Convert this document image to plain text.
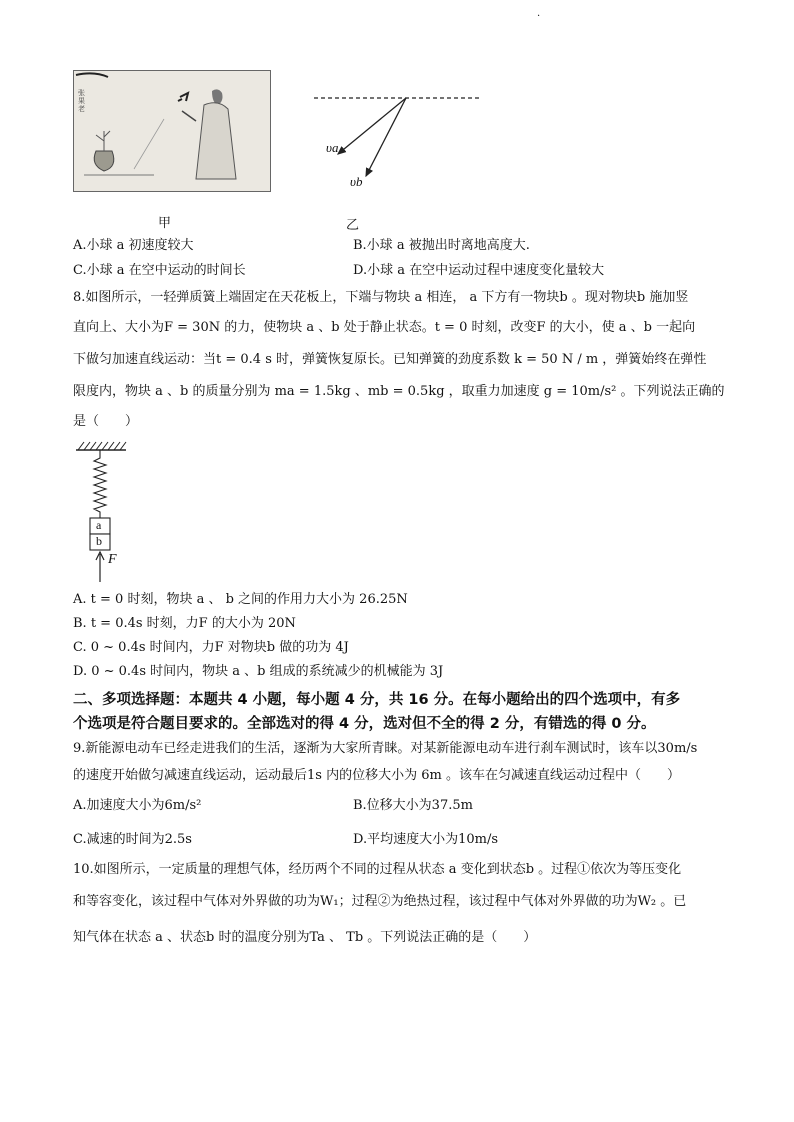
.
张
果
老
甲
υa
υb
乙
A.小球 a 初速度较大	B.小球 a 被抛出时离地高度大.
C.小球 a 在空中运动的时间长	D.小球 a 在空中运动过程中速度变化量较大
8.如图所示，一轻弹质簧上端固定在天花板上，下端与物块 a 相连， a 下方有一物块b 。现对物块b 施加竖
直向上、大小为F = 30N 的力，使物块 a 、b 处于静止状态。t = 0 时刻，改变F 的大小，使 a 、b 一起向
下做匀加速直线运动：当t = 0.4 s 时，弹簧恢复原长。已知弹簧的劲度系数 k = 50 N / m ，弹簧始终在弹性
限度内，物块 a 、b 的质量分别为 ma = 1.5kg 、mb = 0.5kg ，取重力加速度 g = 10m/s² 。下列说法正确的
是（　　）
a
b
F
A. t = 0 时刻，物块 a 、 b 之间的作用力大小为 26.25N
B. t = 0.4s 时刻，力F 的大小为 20N
C. 0 ~ 0.4s 时间内，力F 对物块b 做的功为 4J
D. 0 ~ 0.4s 时间内，物块 a 、b 组成的系统减少的机械能为 3J
二、多项选择题：本题共 4 小题，每小题 4 分，共 16 分。在每小题给出的四个选项中，有多
个选项是符合题目要求的。全部选对的得 4 分，选对但不全的得 2 分，有错选的得 0 分。
9.新能源电动车已经走进我们的生活，逐渐为大家所青睐。对某新能源电动车进行刹车测试时，该车以30m/s
的速度开始做匀减速直线运动，运动最后1s 内的位移大小为 6m 。该车在匀减速直线运动过程中（　　）
A.加速度大小为6m/s²	B.位移大小为37.5m
C.减速的时间为2.5s	D.平均速度大小为10m/s
10.如图所示，一定质量的理想气体，经历两个不同的过程从状态 a 变化到状态b 。过程①依次为等压变化
和等容变化，该过程中气体对外界做的功为W₁；过程②为绝热过程，该过程中气体对外界做的功为W₂ 。已
知气体在状态 a 、状态b 时的温度分别为Ta 、 Tb 。下列说法正确的是（　　）
